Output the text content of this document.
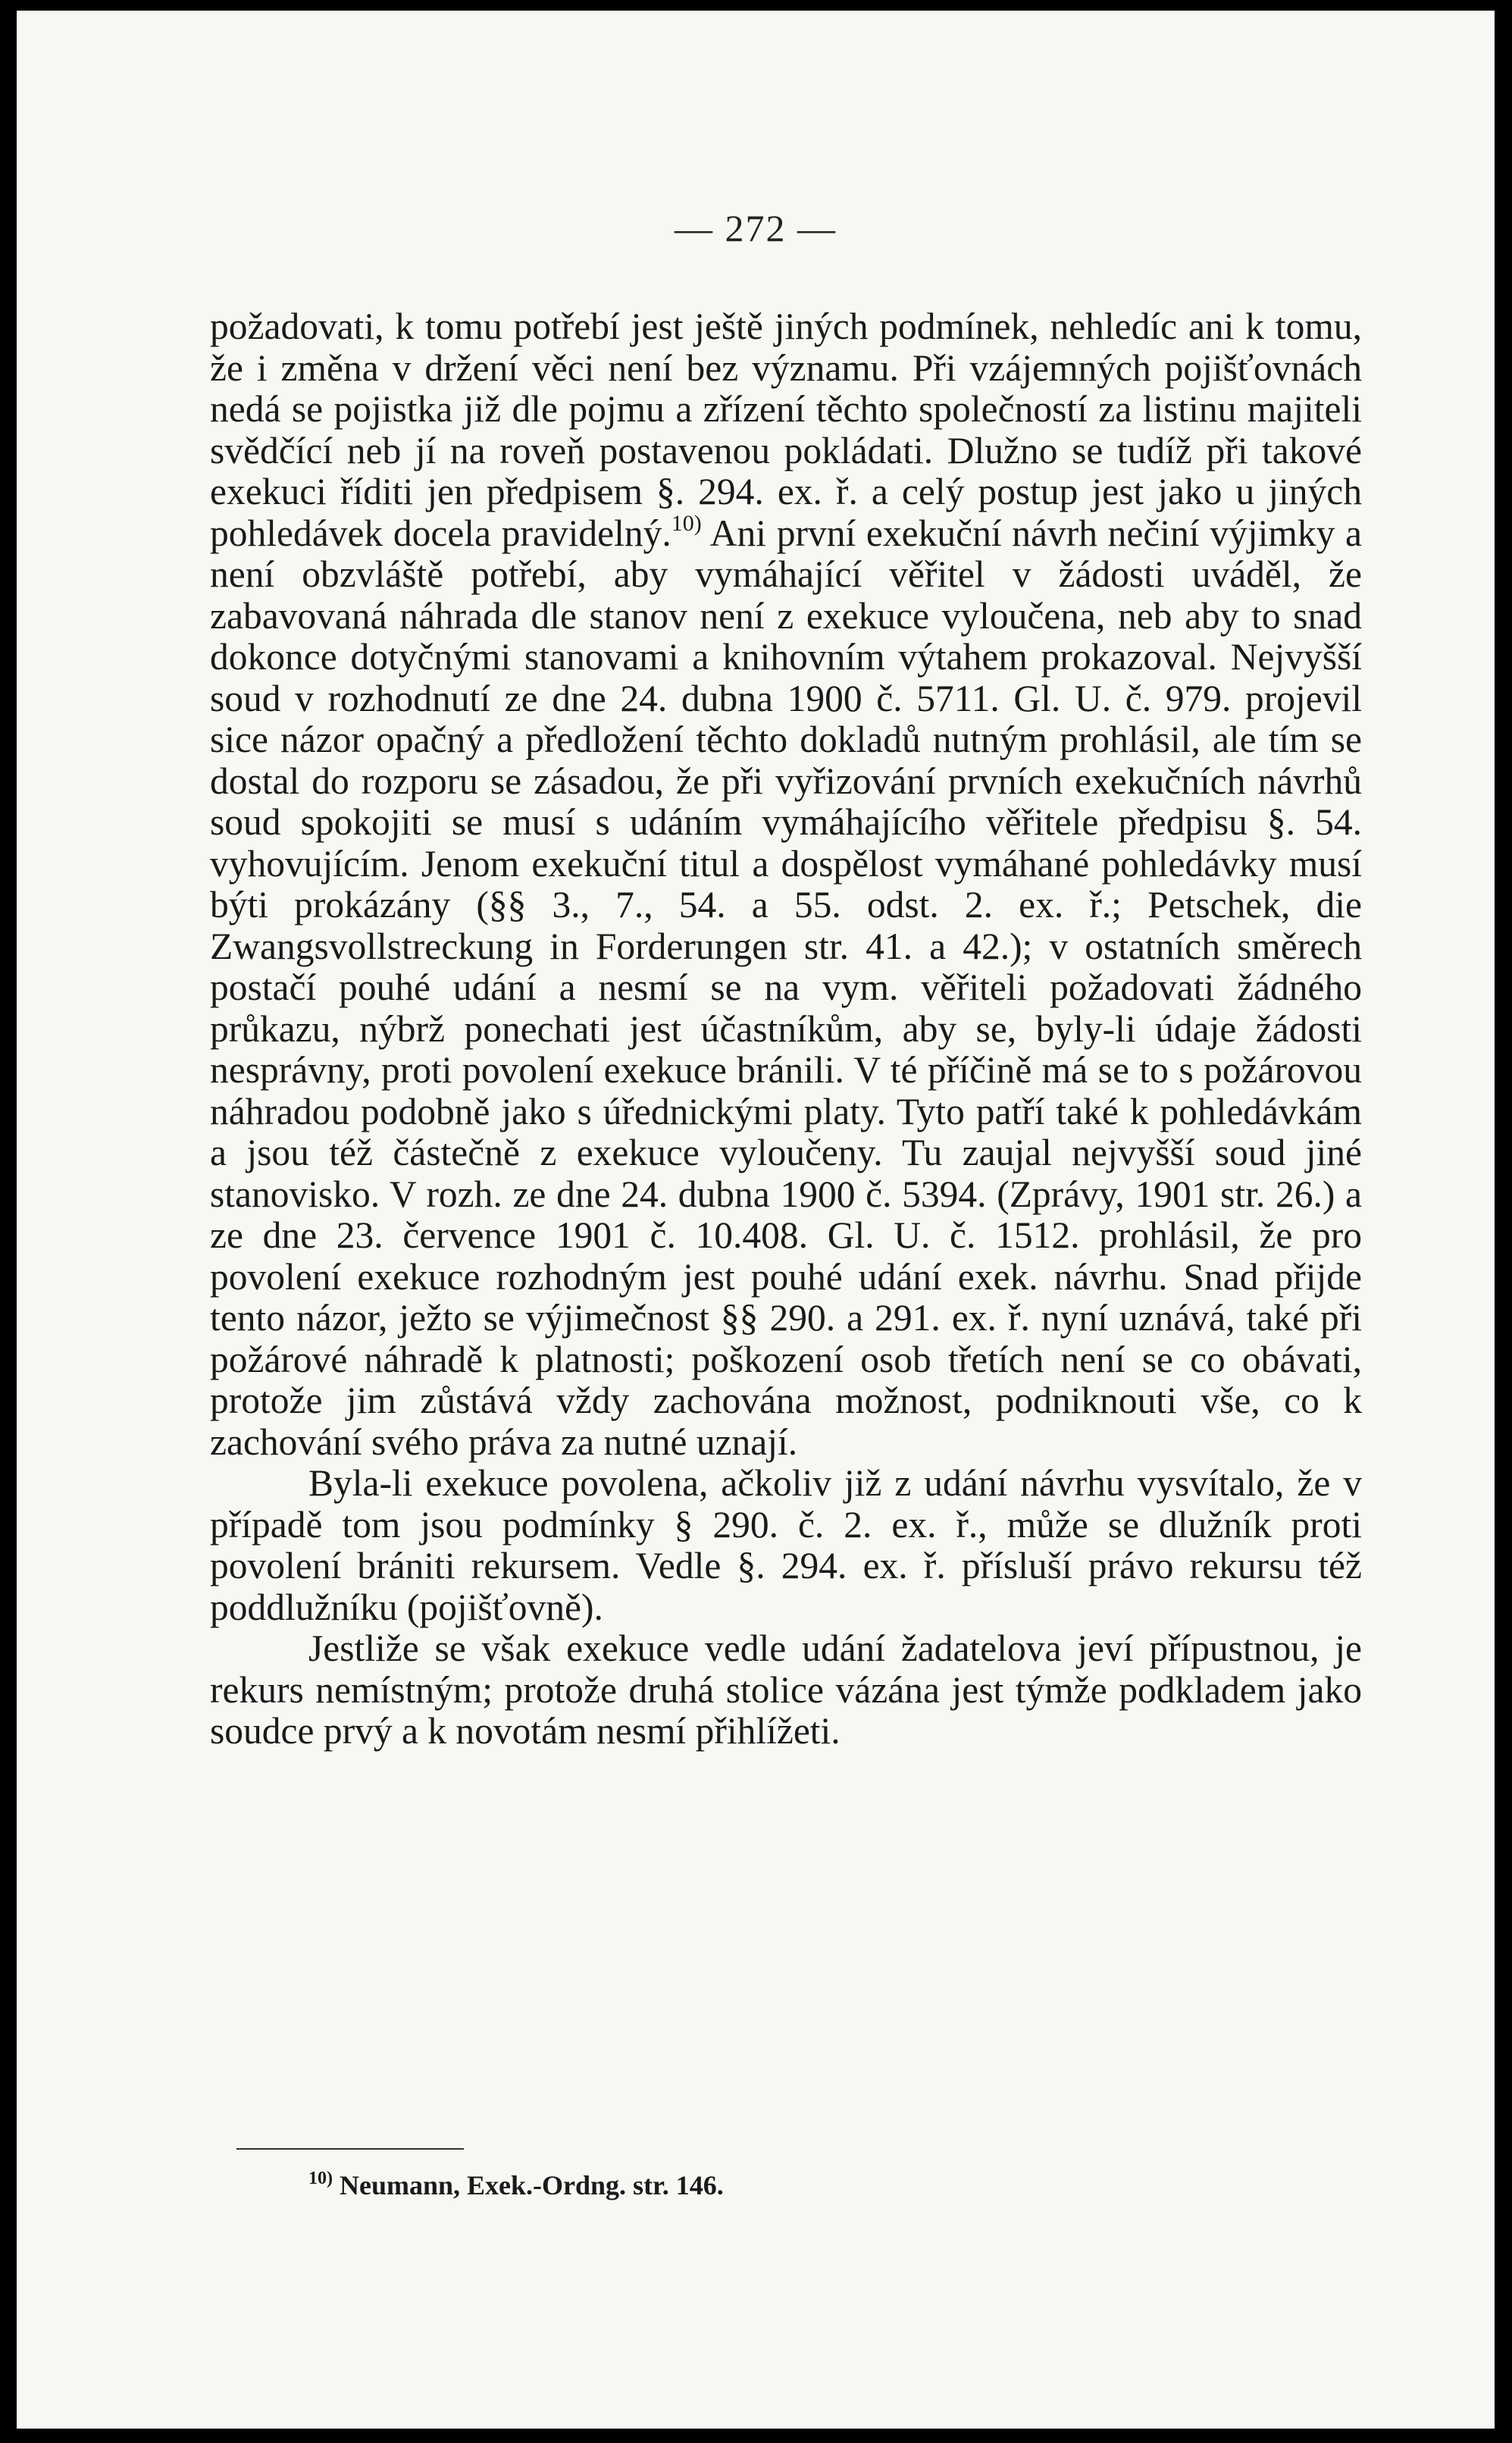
— 272 —

požadovati, k tomu potřebí jest ještě jiných podmínek, nehledíc ani k tomu, že i změna v držení věci není bez významu. Při vzájemných pojišťovnách nedá se pojistka již dle pojmu a zřízení těchto společností za listinu majiteli svědčící neb jí na roveň postavenou pokládati. Dlužno se tudíž při takové exekuci říditi jen předpisem §. 294. ex. ř. a celý postup jest jako u jiných pohledávek docela pravidelný.$^{10)}$ Ani první exekuční návrh nečiní výjimky a není obzvláště potřebí, aby vymáhající věřitel v žádosti uváděl, že zabavovaná náhrada dle stanov není z exekuce vyloučena, neb aby to snad dokonce dotyčnými stanovami a knihovním výtahem prokazoval. Nejvyšší soud v rozhodnutí ze dne 24. dubna 1900 č. 5711. Gl. U. č. 979. projevil sice názor opačný a předložení těchto dokladů nutným prohlásil, ale tím se dostal do rozporu se zásadou, že při vyřizování prvních exekučních návrhů soud spokojiti se musí s udáním vymáhajícího věřitele předpisu §. 54. vyhovujícím. Jenom exekuční titul a dospělost vymáhané pohledávky musí býti prokázány (§§ 3., 7., 54. a 55. odst. 2. ex. ř.; Petschek, die Zwangsvollstreckung in Forderungen str. 41. a 42.); v ostatních směrech postačí pouhé udání a nesmí se na vym. věřiteli požadovati žádného průkazu, nýbrž ponechati jest účastníkům, aby se, byly-li údaje žádosti nesprávny, proti povolení exekuce bránili. V té příčině má se to s požárovou náhradou podobně jako s úřednickými platy. Tyto patří také k pohledávkám a jsou též částečně z exekuce vyloučeny. Tu zaujal nejvyšší soud jiné stanovisko. V rozh. ze dne 24. dubna 1900 č. 5394. (Zprávy, 1901 str. 26.) a ze dne 23. července 1901 č. 10.408. Gl. U. č. 1512. prohlásil, že pro povolení exekuce rozhodným jest pouhé udání exek. návrhu. Snad přijde tento názor, ježto se výjimečnost §§ 290. a 291. ex. ř. nyní uznává, také při požárové náhradě k platnosti; poškození osob třetích není se co obávati, protože jim zůstává vždy zachována možnost, podniknouti vše, co k zachování svého práva za nutné uznají.

Byla-li exekuce povolena, ačkoliv již z udání návrhu vysvítalo, že v případě tom jsou podmínky § 290. č. 2. ex. ř., může se dlužník proti povolení brániti rekursem. Vedle §. 294. ex. ř. přísluší právo rekursu též poddlužníku (pojišťovně).

Jestliže se však exekuce vedle udání žadatelova jeví přípustnou, je rekurs nemístným; protože druhá stolice vázána jest týmže podkladem jako soudce prvý a k novotám nesmí přihlížeti.

$^{10)}$ Neumann, Exek.-Ordng. str. 146.
